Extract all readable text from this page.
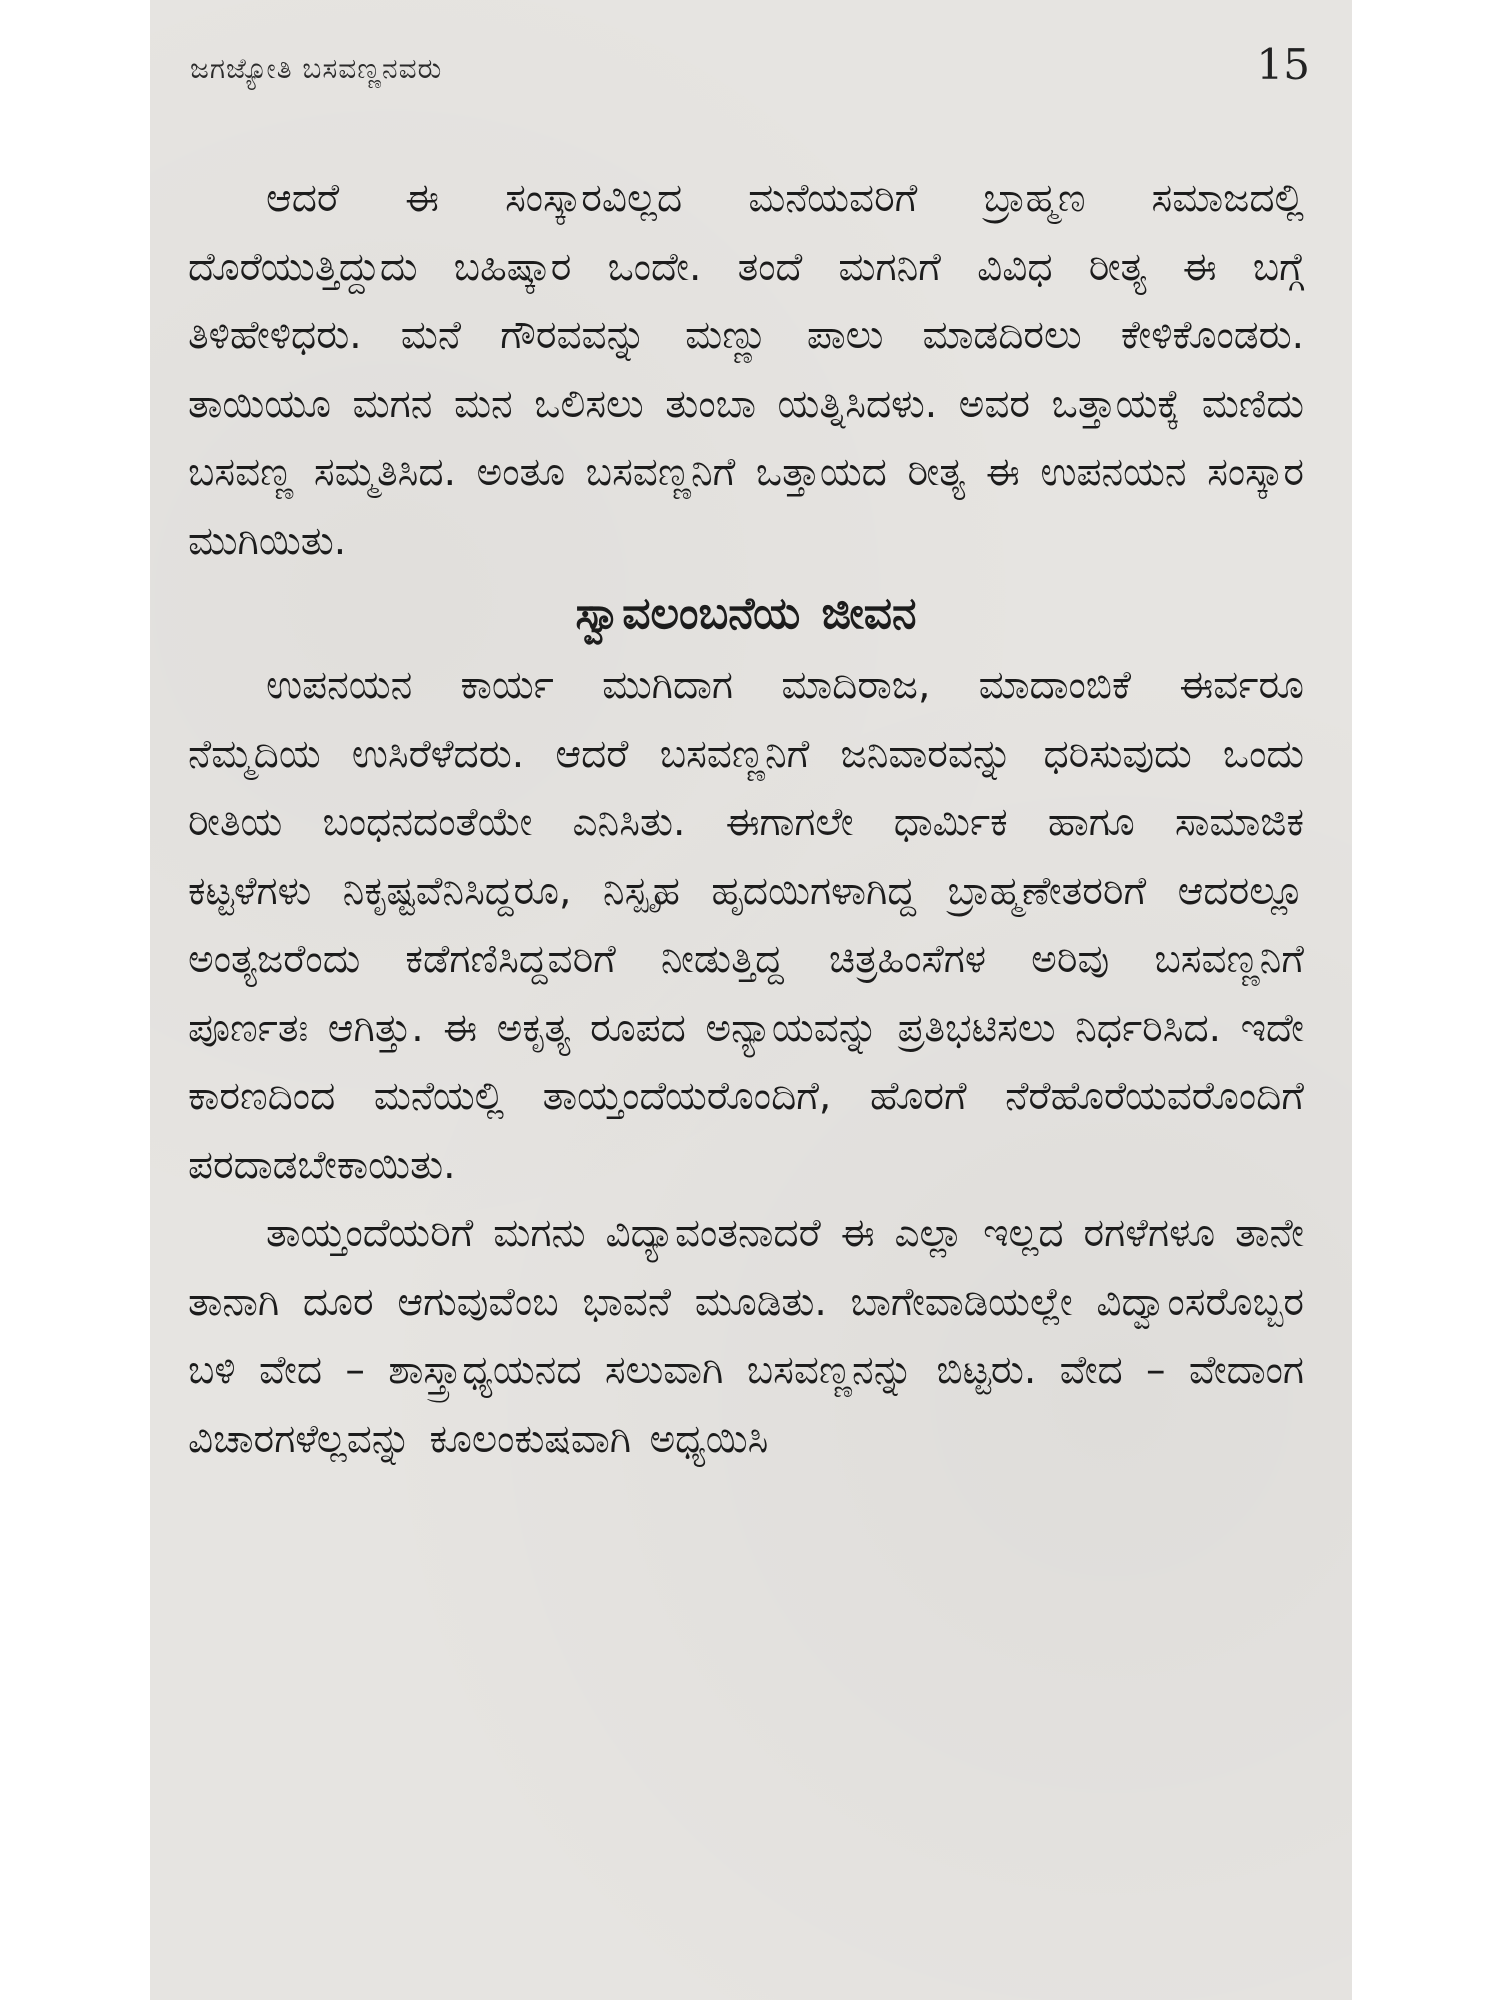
ಜಗಜ್ಯೋತಿ ಬಸವಣ್ಣನವರು	15

ಆದರೆ ಈ ಸಂಸ್ಕಾರವಿಲ್ಲದ ಮನೆಯವರಿಗೆ ಬ್ರಾಹ್ಮಣ ಸಮಾಜದಲ್ಲಿ ದೊರೆಯುತ್ತಿದ್ದುದು ಬಹಿಷ್ಕಾರ ಒಂದೇ. ತಂದೆ ಮಗನಿಗೆ ವಿವಿಧ ರೀತ್ಯ ಈ ಬಗ್ಗೆ ತಿಳಿಹೇಳಿಧರು. ಮನೆ ಗೌರವವನ್ನು ಮಣ್ಣು ಪಾಲು ಮಾಡದಿರಲು ಕೇಳಿಕೊಂಡರು. ತಾಯಿಯೂ ಮಗನ ಮನ ಒಲಿಸಲು ತುಂಬಾ ಯತ್ನಿಸಿದಳು. ಅವರ ಒತ್ತಾಯಕ್ಕೆ ಮಣಿದು ಬಸವಣ್ಣ ಸಮ್ಮತಿಸಿದ. ಅಂತೂ ಬಸವಣ್ಣನಿಗೆ ಒತ್ತಾಯದ ರೀತ್ಯ ಈ ಉಪನಯನ ಸಂಸ್ಕಾರ ಮುಗಿಯಿತು.

ಸ್ವಾವಲಂಬನೆಯ ಜೀವನ

ಉಪನಯನ ಕಾರ್ಯ ಮುಗಿದಾಗ ಮಾದಿರಾಜ, ಮಾದಾಂಬಿಕೆ ಈರ್ವರೂ ನೆಮ್ಮದಿಯ ಉಸಿರೆಳೆದರು. ಆದರೆ ಬಸವಣ್ಣನಿಗೆ ಜನಿವಾರವನ್ನು ಧರಿಸುವುದು ಒಂದು ರೀತಿಯ ಬಂಧನದಂತೆಯೇ ಎನಿಸಿತು. ಈಗಾಗಲೇ ಧಾರ್ಮಿಕ ಹಾಗೂ ಸಾಮಾಜಿಕ ಕಟ್ಟಳೆಗಳು ನಿಕೃಷ್ಟವೆನಿಸಿದ್ದರೂ, ನಿಸ್ಪೃಹ ಹೃದಯಿಗಳಾಗಿದ್ದ ಬ್ರಾಹ್ಮಣೇತರರಿಗೆ ಆದರಲ್ಲೂ ಅಂತ್ಯಜರೆಂದು ಕಡೆಗಣಿಸಿದ್ದವರಿಗೆ ನೀಡುತ್ತಿದ್ದ ಚಿತ್ರಹಿಂಸೆಗಳ ಅರಿವು ಬಸವಣ್ಣನಿಗೆ ಪೂರ್ಣತಃ ಆಗಿತ್ತು. ಈ ಅಕೃತ್ಯ ರೂಪದ ಅನ್ಯಾಯವನ್ನು ಪ್ರತಿಭಟಿಸಲು ನಿರ್ಧರಿಸಿದ. ಇದೇ ಕಾರಣದಿಂದ ಮನೆಯಲ್ಲಿ ತಾಯ್ತಂದೆಯರೊಂದಿಗೆ, ಹೊರಗೆ ನೆರೆಹೊರೆಯವರೊಂದಿಗೆ ಪರದಾಡಬೇಕಾಯಿತು.

ತಾಯ್ತಂದೆಯರಿಗೆ ಮಗನು ವಿದ್ಯಾವಂತನಾದರೆ ಈ ಎಲ್ಲಾ ಇಲ್ಲದ ರಗಳೆಗಳೂ ತಾನೇ ತಾನಾಗಿ ದೂರ ಆಗುವುವೆಂಬ ಭಾವನೆ ಮೂಡಿತು. ಬಾಗೇವಾಡಿಯಲ್ಲೇ ವಿದ್ವಾಂಸರೊಬ್ಬರ ಬಳಿ ವೇದ – ಶಾಸ್ತ್ರಾಧ್ಯಯನದ ಸಲುವಾಗಿ ಬಸವಣ್ಣನನ್ನು ಬಿಟ್ಟರು. ವೇದ – ವೇದಾಂಗ ವಿಚಾರಗಳೆಲ್ಲವನ್ನು ಕೂಲಂಕುಷವಾಗಿ ಅಧ್ಯಯಿಸಿ
